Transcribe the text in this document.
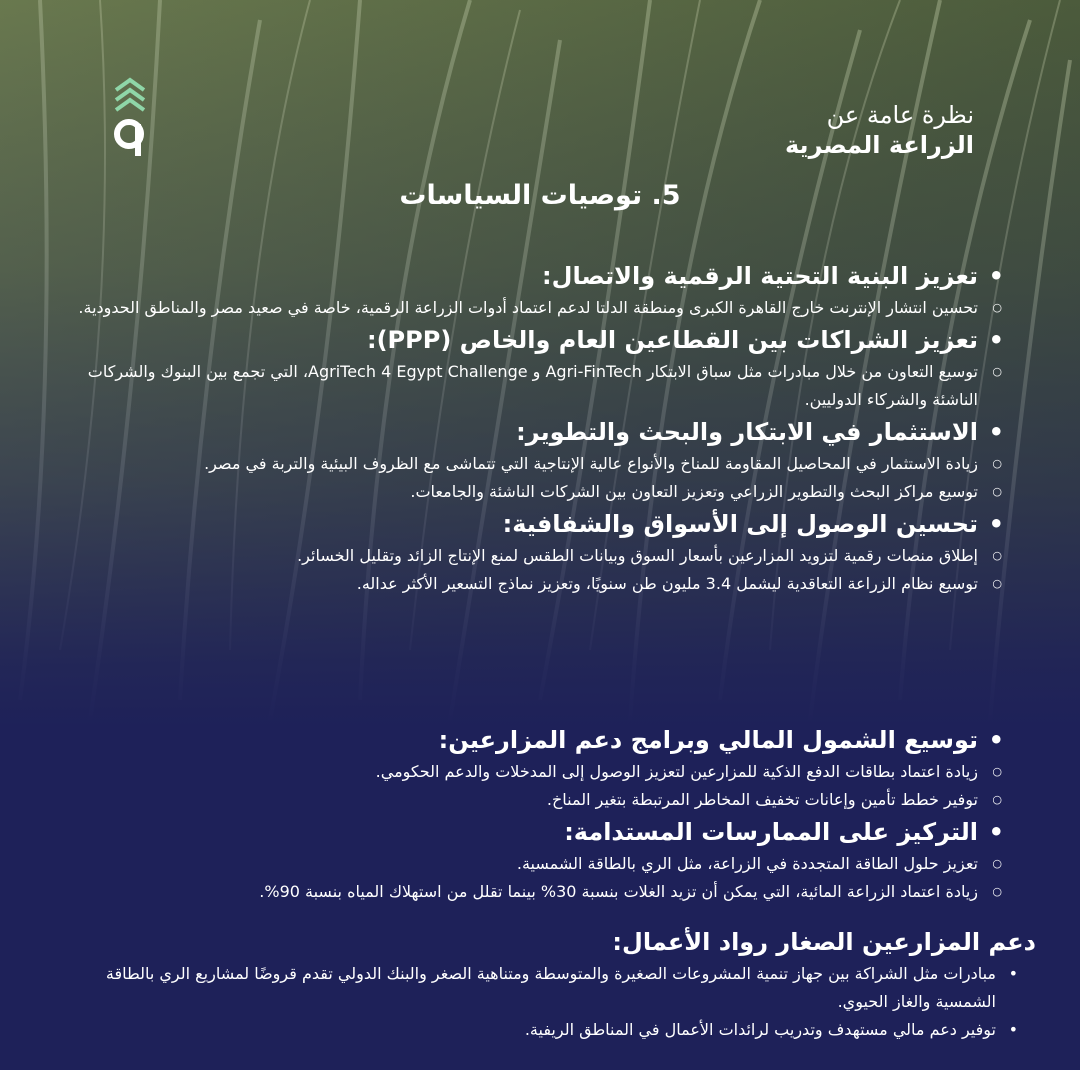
نظرة عامة عن
الزراعة المصرية
5. توصيات السياسات
• تعزيز البنية التحتية الرقمية والاتصال:
○ تحسين انتشار الإنترنت خارج القاهرة الكبرى ومنطقة الدلتا لدعم اعتماد أدوات الزراعة الرقمية، خاصة في صعيد مصر والمناطق الحدودية.
• تعزيز الشراكات بين القطاعين العام والخاص (PPP):
○ توسيع التعاون من خلال مبادرات مثل سباق الابتكار Agri-FinTech و AgriTech 4 Egypt Challenge، التي تجمع بين البنوك والشركات الناشئة والشركاء الدوليين.
• الاستثمار في الابتكار والبحث والتطوير:
○ زيادة الاستثمار في المحاصيل المقاومة للمناخ والأنواع عالية الإنتاجية التي تتماشى مع الظروف البيئية والتربة في مصر.
○ توسيع مراكز البحث والتطوير الزراعي وتعزيز التعاون بين الشركات الناشئة والجامعات.
• تحسين الوصول إلى الأسواق والشفافية:
○ إطلاق منصات رقمية لتزويد المزارعين بأسعار السوق وبيانات الطقس لمنع الإنتاج الزائد وتقليل الخسائر.
○ توسيع نظام الزراعة التعاقدية ليشمل 3.4 مليون طن سنويًا، وتعزيز نماذج التسعير الأكثر عداله.
• توسيع الشمول المالي وبرامج دعم المزارعين:
○ زيادة اعتماد بطاقات الدفع الذكية للمزارعين لتعزيز الوصول إلى المدخلات والدعم الحكومي.
○ توفير خطط تأمين وإعانات تخفيف المخاطر المرتبطة بتغير المناخ.
• التركيز على الممارسات المستدامة:
○ تعزيز حلول الطاقة المتجددة في الزراعة، مثل الري بالطاقة الشمسية.
○ زيادة اعتماد الزراعة المائية، التي يمكن أن تزيد الغلات بنسبة 30% بينما تقلل من استهلاك المياه بنسبة 90%.
دعم المزارعين الصغار رواد الأعمال:
• مبادرات مثل الشراكة بين جهاز تنمية المشروعات الصغيرة والمتوسطة ومتناهية الصغر والبنك الدولي تقدم قروضًا لمشاريع الري بالطاقة الشمسية والغاز الحيوي.
• توفير دعم مالي مستهدف وتدريب لرائدات الأعمال في المناطق الريفية.
